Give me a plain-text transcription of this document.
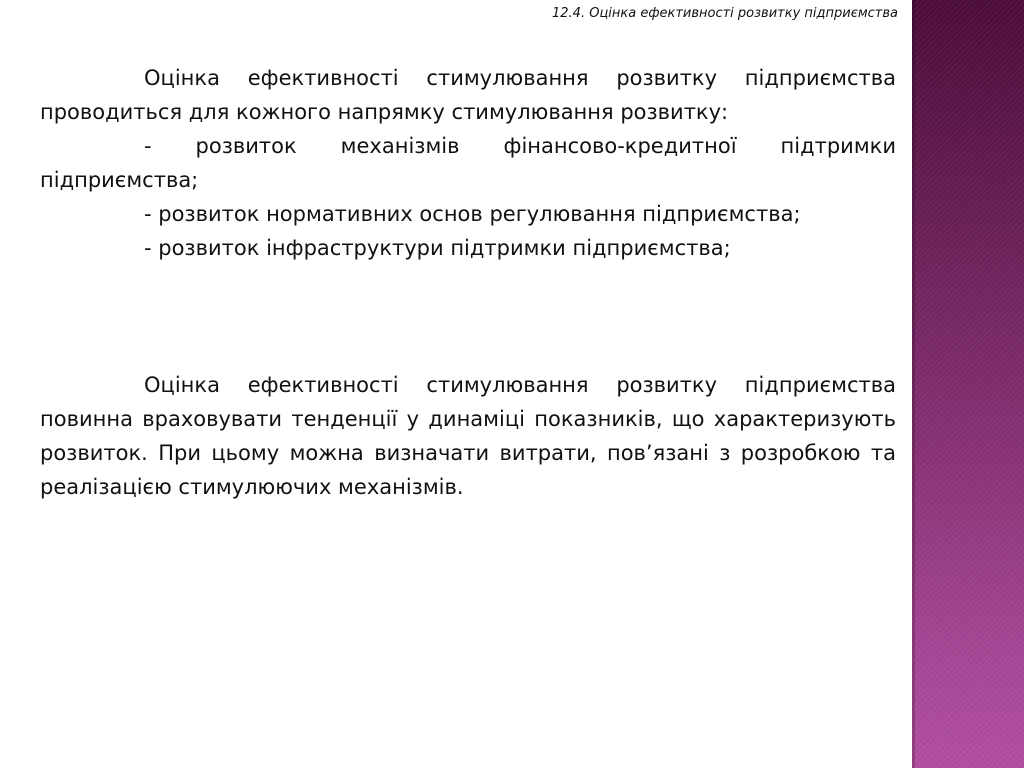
12.4. Оцінка ефективності розвитку підприємства

Оцінка ефективності стимулювання розвитку підприємства проводиться для кожного напрямку стимулювання розвитку:

- розвиток механізмів фінансово-кредитної підтримки підприємства;

- розвиток нормативних основ регулювання підприємства;

- розвиток інфраструктури підтримки підприємства;

Оцінка ефективності стимулювання розвитку підприємства повинна враховувати тенденції у динаміці показників, що характеризують розвиток. При цьому можна визначати витрати, пов’язані з розробкою та реалізацією стимулюючих механізмів.
